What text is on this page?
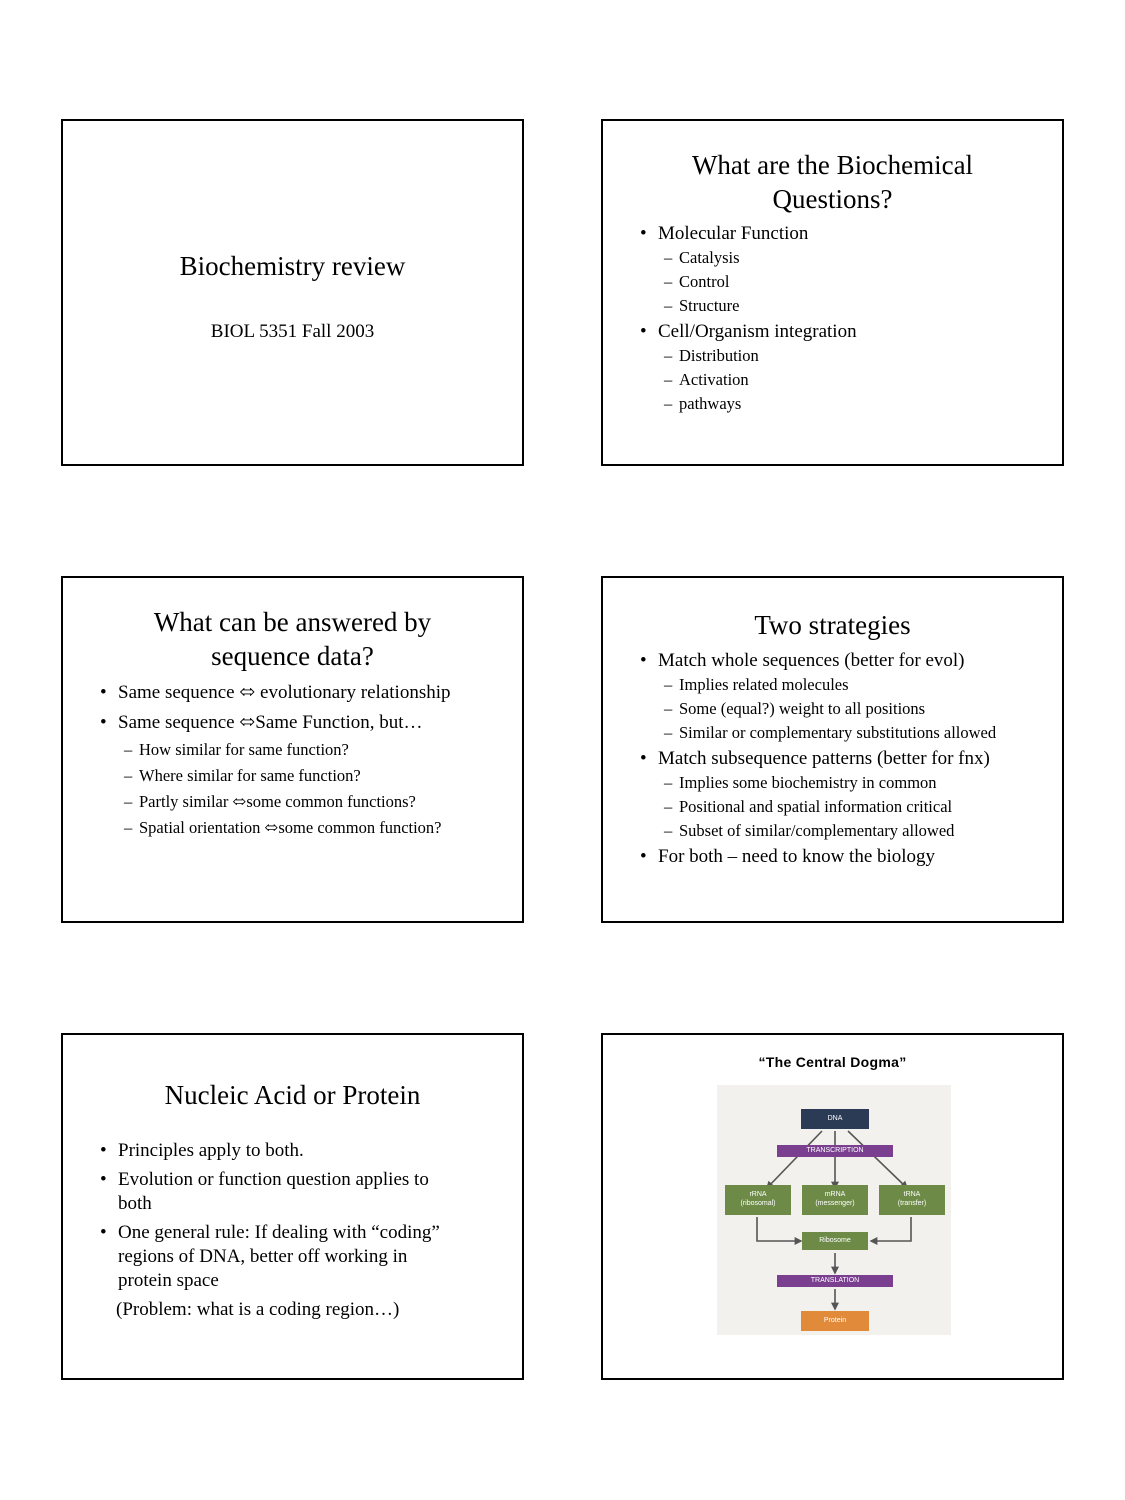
Biochemistry review
BIOL 5351 Fall 2003
What are the Biochemical
Questions?
• Molecular Function
– Catalysis
– Control
– Structure
• Cell/Organism integration
– Distribution
– Activation
– pathways
What can be answered by
sequence data?
• Same sequence ⬄ evolutionary relationship
• Same sequence ⬄Same Function, but…
– How similar for same function?
– Where similar for same function?
– Partly similar ⬄some common functions?
– Spatial orientation ⬄some common function?
Two strategies
• Match whole sequences (better for evol)
– Implies related molecules
– Some (equal?) weight to all positions
– Similar or complementary substitutions allowed
• Match subsequence patterns (better for fnx)
– Implies some biochemistry in common
– Positional and spatial information critical
– Subset of similar/complementary allowed
• For both – need to know the biology
Nucleic Acid or Protein
• Principles apply to both.
• Evolution or function question applies to
both
• One general rule: If dealing with “coding”
regions of DNA, better off working in
protein space
(Problem: what is a coding region…)
“The Central Dogma”
DNA
TRANSCRIPTION
rRNA
(ribosomal)
mRNA
(messenger)
tRNA
(transfer)
Ribosome
TRANSLATION
Protein
